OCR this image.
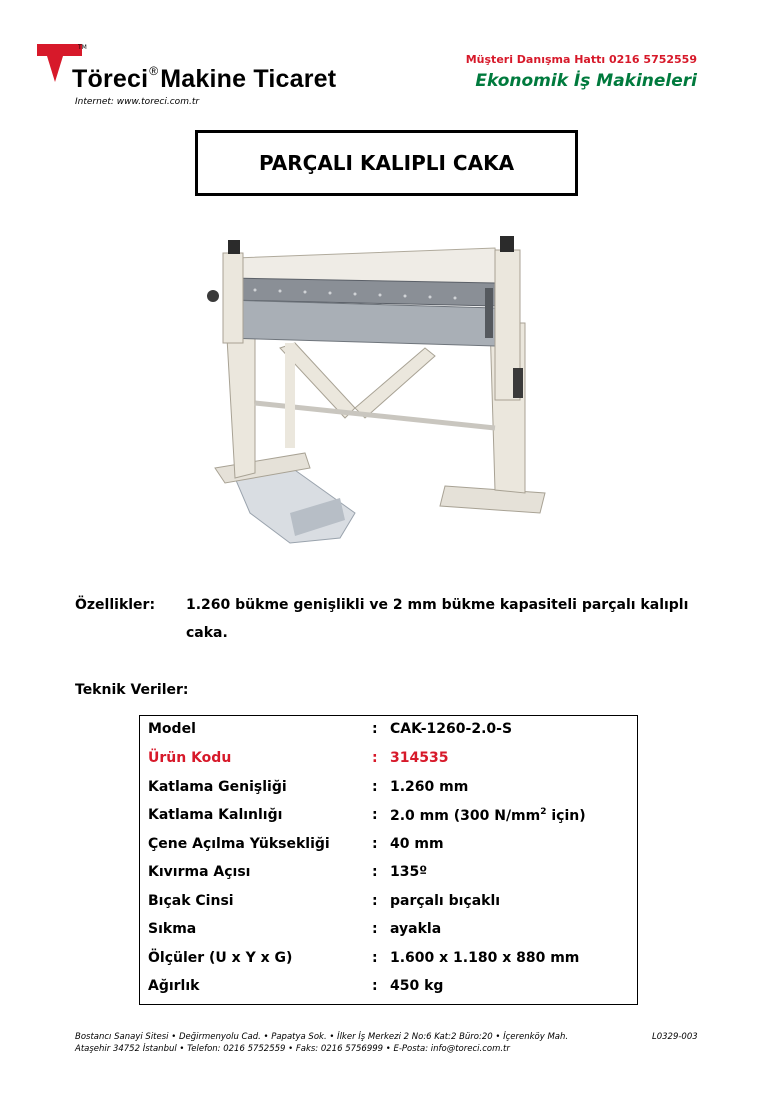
TM
Töreci®Makine Ticaret
Internet: www.toreci.com.tr
Müşteri Danışma Hattı 0216 5752559
Ekonomik İş Makineleri
PARÇALI KALIPLI CAKA
Özellikler: 1.260 bükme genişlikli ve 2 mm bükme kapasiteli parçalı kalıplı caka.
Teknik Veriler:
Model	: CAK-1260-2.0-S
Ürün Kodu	: 314535
Katlama Genişliği	: 1.260 mm
Katlama Kalınlığı	: 2.0 mm (300 $N/mm^2$ için)
Çene Açılma Yüksekliği	: 40 mm
Kıvırma Açısı	: 135º
Bıçak Cinsi	: parçalı bıçaklı
Sıkma	: ayakla
Ölçüler (U x Y x G)	: 1.600 x 1.180 x 880 mm
Ağırlık	: 450 kg
Bostancı Sanayi Sitesi • Değirmenyolu Cad. • Papatya Sok. • İlker İş Merkezi 2 No:6 Kat:2 Büro:20 • İçerenköy Mah.
Ataşehir 34752 İstanbul • Telefon: 0216 5752559 • Faks: 0216 5756999 • E-Posta: info@toreci.com.tr
L0329-003
